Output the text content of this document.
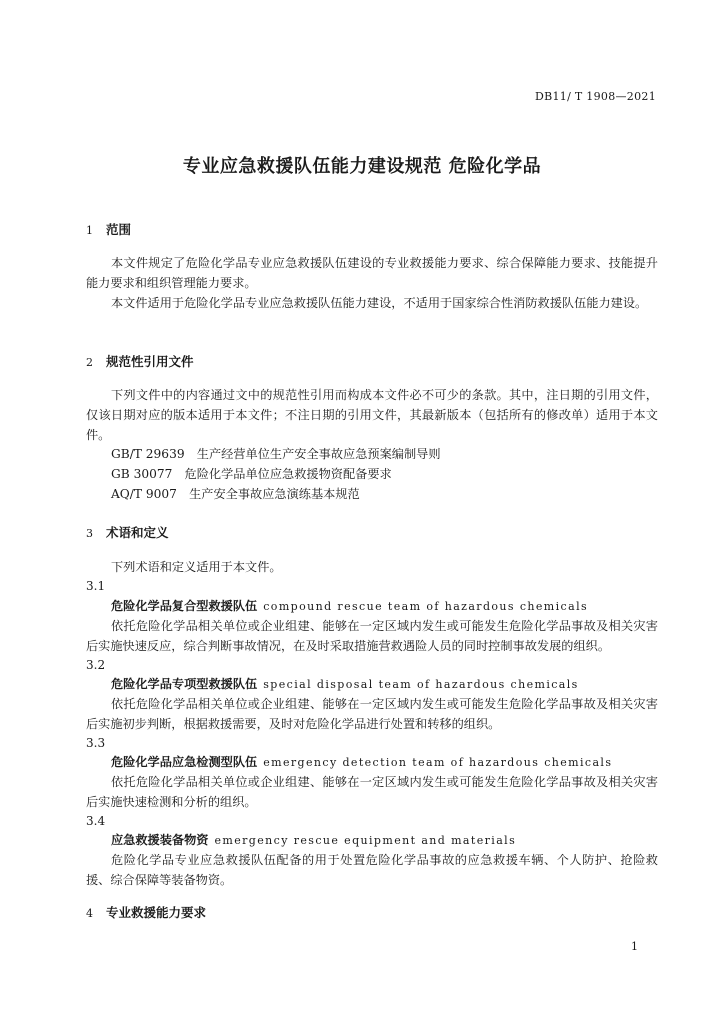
DB11/ T 1908—2021
专业应急救援队伍能力建设规范 危险化学品
1 范围
本文件规定了危险化学品专业应急救援队伍建设的专业救援能力要求、综合保障能力要求、技能提升能力要求和组织管理能力要求。
本文件适用于危险化学品专业应急救援队伍能力建设，不适用于国家综合性消防救援队伍能力建设。
2 规范性引用文件
下列文件中的内容通过文中的规范性引用而构成本文件必不可少的条款。其中，注日期的引用文件，仅该日期对应的版本适用于本文件；不注日期的引用文件，其最新版本（包括所有的修改单）适用于本文件。
GB/T 29639　生产经营单位生产安全事故应急预案编制导则
GB 30077　危险化学品单位应急救援物资配备要求
AQ/T 9007　生产安全事故应急演练基本规范
3 术语和定义
下列术语和定义适用于本文件。
3.1
危险化学品复合型救援队伍 compound rescue team of hazardous chemicals
依托危险化学品相关单位或企业组建、能够在一定区域内发生或可能发生危险化学品事故及相关灾害后实施快速反应，综合判断事故情况，在及时采取措施营救遇险人员的同时控制事故发展的组织。
3.2
危险化学品专项型救援队伍 special disposal team of hazardous chemicals
依托危险化学品相关单位或企业组建、能够在一定区域内发生或可能发生危险化学品事故及相关灾害后实施初步判断，根据救援需要，及时对危险化学品进行处置和转移的组织。
3.3
危险化学品应急检测型队伍 emergency detection team of hazardous chemicals
依托危险化学品相关单位或企业组建、能够在一定区域内发生或可能发生危险化学品事故及相关灾害后实施快速检测和分析的组织。
3.4
应急救援装备物资 emergency rescue equipment and materials
危险化学品专业应急救援队伍配备的用于处置危险化学品事故的应急救援车辆、个人防护、抢险救援、综合保障等装备物资。
4 专业救援能力要求
1
